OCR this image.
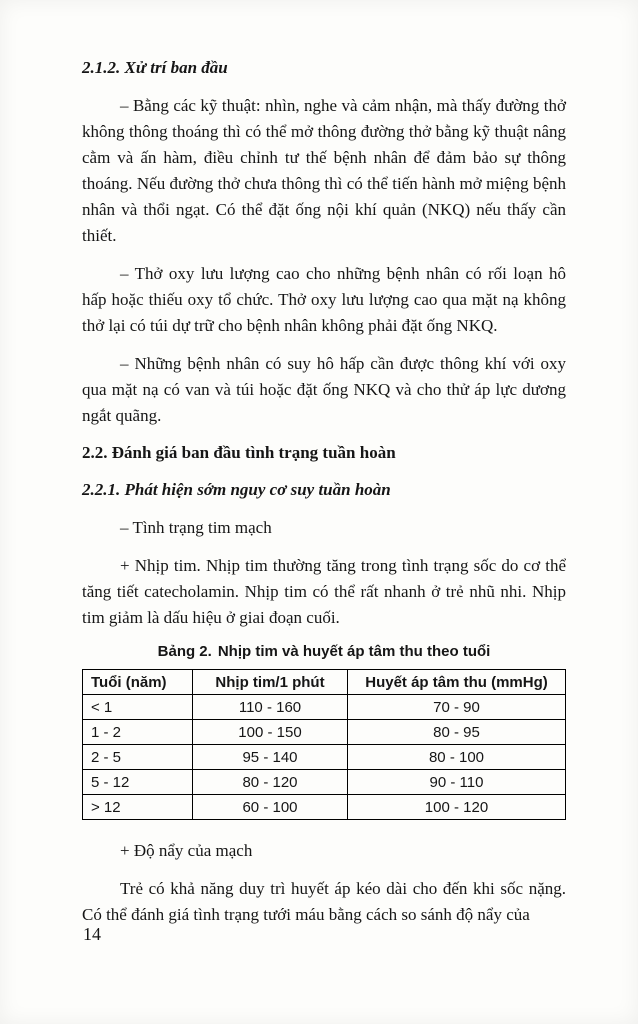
2.1.2. Xử trí ban đầu

– Bằng các kỹ thuật: nhìn, nghe và cảm nhận, mà thấy đường thở không thông thoáng thì có thể mở thông đường thở bằng kỹ thuật nâng cằm và ấn hàm, điều chỉnh tư thế bệnh nhân để đảm bảo sự thông thoáng. Nếu đường thở chưa thông thì có thể tiến hành mở miệng bệnh nhân và thổi ngạt. Có thể đặt ống nội khí quản (NKQ) nếu thấy cần thiết.

– Thở oxy lưu lượng cao cho những bệnh nhân có rối loạn hô hấp hoặc thiếu oxy tổ chức. Thở oxy lưu lượng cao qua mặt nạ không thở lại có túi dự trữ cho bệnh nhân không phải đặt ống NKQ.

– Những bệnh nhân có suy hô hấp cần được thông khí với oxy qua mặt nạ có van và túi hoặc đặt ống NKQ và cho thử áp lực dương ngắt quãng.

2.2. Đánh giá ban đầu tình trạng tuần hoàn
2.2.1. Phát hiện sớm nguy cơ suy tuần hoàn

– Tình trạng tim mạch

+ Nhịp tim. Nhịp tim thường tăng trong tình trạng sốc do cơ thể tăng tiết catecholamin. Nhịp tim có thể rất nhanh ở trẻ nhũ nhi. Nhịp tim giảm là dấu hiệu ở giai đoạn cuối.

Bảng 2. Nhịp tim và huyết áp tâm thu theo tuổi
Tuổi (năm)	Nhịp tim/1 phút	Huyết áp tâm thu (mmHg)
< 1	110 - 160	70 - 90
1 - 2	100 - 150	80 - 95
2 - 5	95 - 140	80 - 100
5 - 12	80 - 120	90 - 110
> 12	60 - 100	100 - 120

+ Độ nẩy của mạch

Trẻ có khả năng duy trì huyết áp kéo dài cho đến khi sốc nặng. Có thể đánh giá tình trạng tưới máu bằng cách so sánh độ nẩy của

14
